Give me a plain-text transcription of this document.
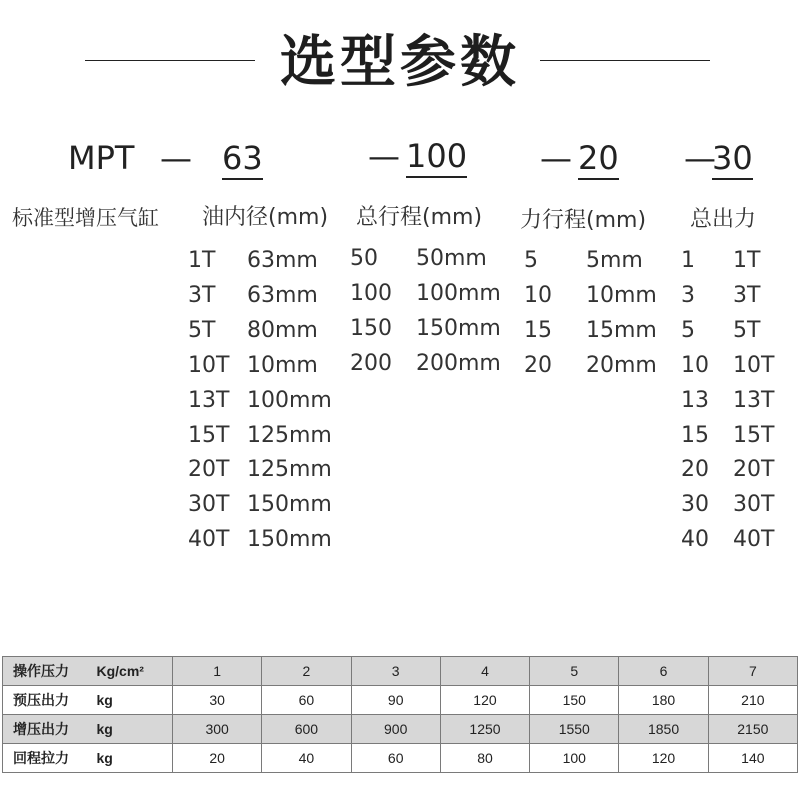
选型参数
MPT — 63	— 100 — 20 —
30
标准型增压气缸 油内径(mm) 总行程(mm) 力行程(mm) 总出力
1T 63mm
3T 63mm
5T 80mm
10T 10mm
13T 100mm
15T 125mm
20T 125mm
30T 150mm
40T 150mm
50 50mm
100 100mm
150 150mm
200 200mm
5 5mm
10 10mm
15 15mm
20 20mm
1 1T
3 3T
5 5T
10 10T
13 13T
15 15T
20 20T
30 30T
40 40T
操作压力	Kg/cm²	1	2	3	4	5	6	7
预压出力	kg	30	60	90	120	150	180	210
增压出力	kg	300	600	900	1250	1550	1850	2150
回程拉力	kg	20	40	60	80	100	120	140
